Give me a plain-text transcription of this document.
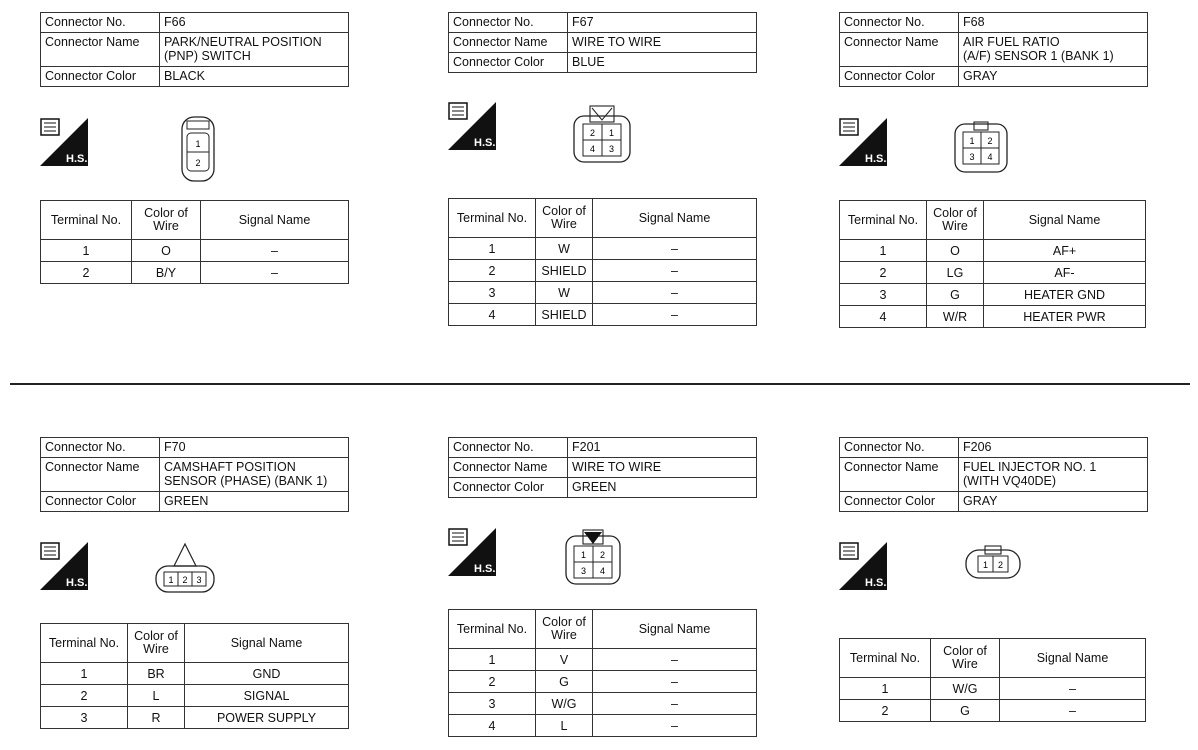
Connector No.	F66
Connector Name	PARK/NEUTRAL POSITION
(PNP) SWITCH
Connector Color	BLACK
H.S.
1
2
Terminal No.	Color of Wire	Signal Name
1	O	–
2	B/Y	–
Connector No.	F67
Connector Name	WIRE TO WIRE
Connector Color	BLUE
H.S.
2 1
4 3
Terminal No.	Color of Wire	Signal Name
1	W	–
2	SHIELD	–
3	W	–
4	SHIELD	–
Connector No.	F68
Connector Name	AIR FUEL RATIO
(A/F) SENSOR 1 (BANK 1)
Connector Color	GRAY
H.S.
1 2
3 4
Terminal No.	Color of Wire	Signal Name
1	O	AF+
2	LG	AF-
3	G	HEATER GND
4	W/R	HEATER PWR
Connector No.	F70
Connector Name	CAMSHAFT POSITION
SENSOR (PHASE) (BANK 1)
Connector Color	GREEN
H.S.	1 2 3
Terminal No.	Color of Wire	Signal Name
1	BR	GND
2	L	SIGNAL
3	R	POWER SUPPLY
Connector No.	F201
Connector Name	WIRE TO WIRE
Connector Color	GREEN
H.S.
1 2
3 4
Terminal No.	Color of Wire	Signal Name
1	V	–
2	G	–
3	W/G	–
4	L	–
Connector No.	F206
Connector Name	FUEL INJECTOR NO. 1
(WITH VQ40DE)
Connector Color	GRAY
H.S.
1 2
Terminal No.	Color of Wire	Signal Name
1	W/G	–
2	G	–
